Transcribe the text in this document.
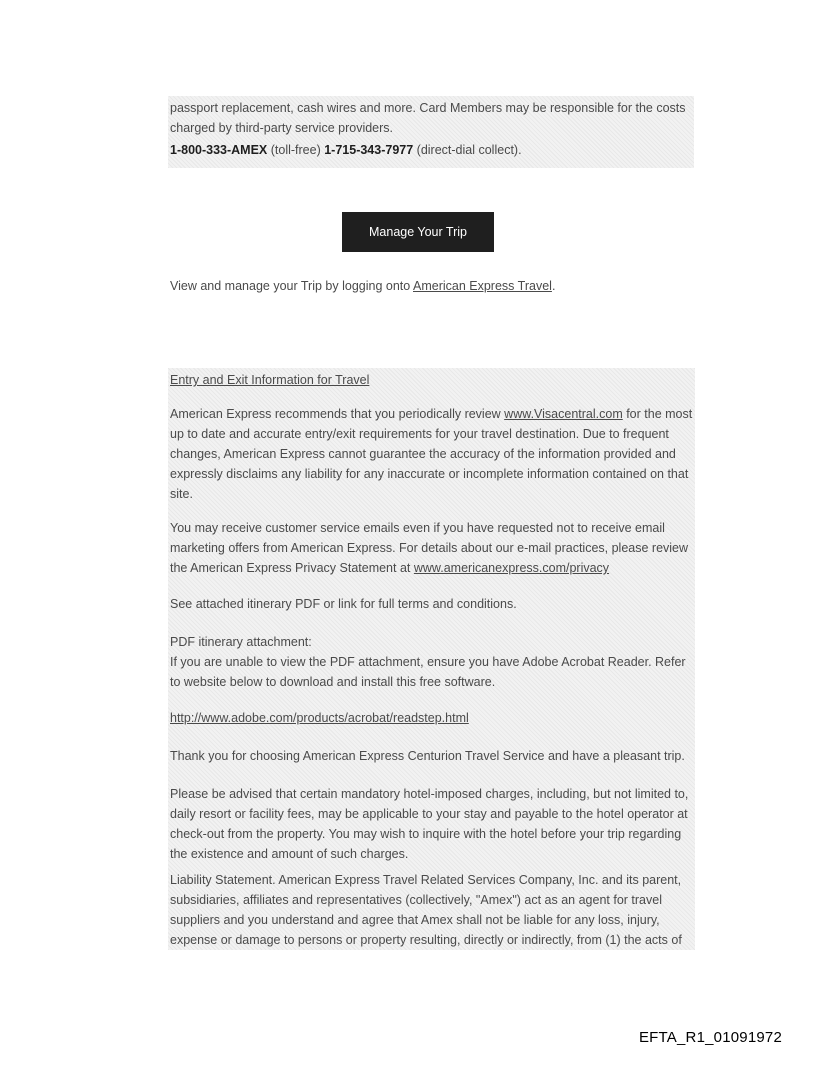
passport replacement, cash wires and more. Card Members may be responsible for the costs charged by third-party service providers.

1-800-333-AMEX (toll-free) 1-715-343-7977 (direct-dial collect).

Manage Your Trip

View and manage your Trip by logging onto American Express Travel.

Entry and Exit Information for Travel

American Express recommends that you periodically review www.Visacentral.com for the most up to date and accurate entry/exit requirements for your travel destination. Due to frequent changes, American Express cannot guarantee the accuracy of the information provided and expressly disclaims any liability for any inaccurate or incomplete information contained on that site.

You may receive customer service emails even if you have requested not to receive email marketing offers from American Express. For details about our e-mail practices, please review the American Express Privacy Statement at www.americanexpress.com/privacy

See attached itinerary PDF or link for full terms and conditions.

PDF itinerary attachment:

If you are unable to view the PDF attachment, ensure you have Adobe Acrobat Reader. Refer to website below to download and install this free software.

http://www.adobe.com/products/acrobat/readstep.html

Thank you for choosing American Express Centurion Travel Service and have a pleasant trip.

Please be advised that certain mandatory hotel-imposed charges, including, but not limited to, daily resort or facility fees, may be applicable to your stay and payable to the hotel operator at check-out from the property. You may wish to inquire with the hotel before your trip regarding the existence and amount of such charges.

Liability Statement. American Express Travel Related Services Company, Inc. and its parent, subsidiaries, affiliates and representatives (collectively, "Amex") act as an agent for travel suppliers and you understand and agree that Amex shall not be liable for any loss, injury, expense or damage to persons or property resulting, directly or indirectly, from (1) the acts of

EFTA_R1_01091972
